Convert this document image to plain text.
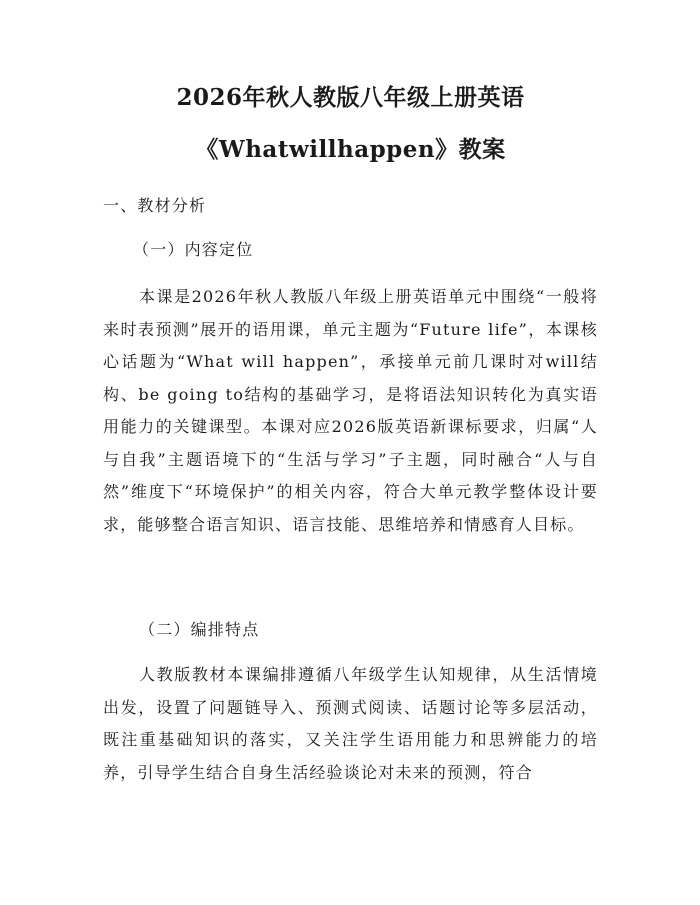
2026年秋人教版八年级上册英语
《Whatwillhappen》教案

一、教材分析

（一）内容定位

本课是2026年秋人教版八年级上册英语单元中围绕“一般将来时表预测”展开的语用课，单元主题为“Future life”，本课核心话题为“What will happen”，承接单元前几课时对will结构、be going to结构的基础学习，是将语法知识转化为真实语用能力的关键课型。本课对应2026版英语新课标要求，归属“人与自我”主题语境下的“生活与学习”子主题，同时融合“人与自然”维度下“环境保护”的相关内容，符合大单元教学整体设计要求，能够整合语言知识、语言技能、思维培养和情感育人目标。

（二）编排特点

人教版教材本课编排遵循八年级学生认知规律，从生活情境出发，设置了问题链导入、预测式阅读、话题讨论等多层活动，既注重基础知识的落实，又关注学生语用能力和思辨能力的培养，引导学生结合自身生活经验谈论对未来的预测，符合
